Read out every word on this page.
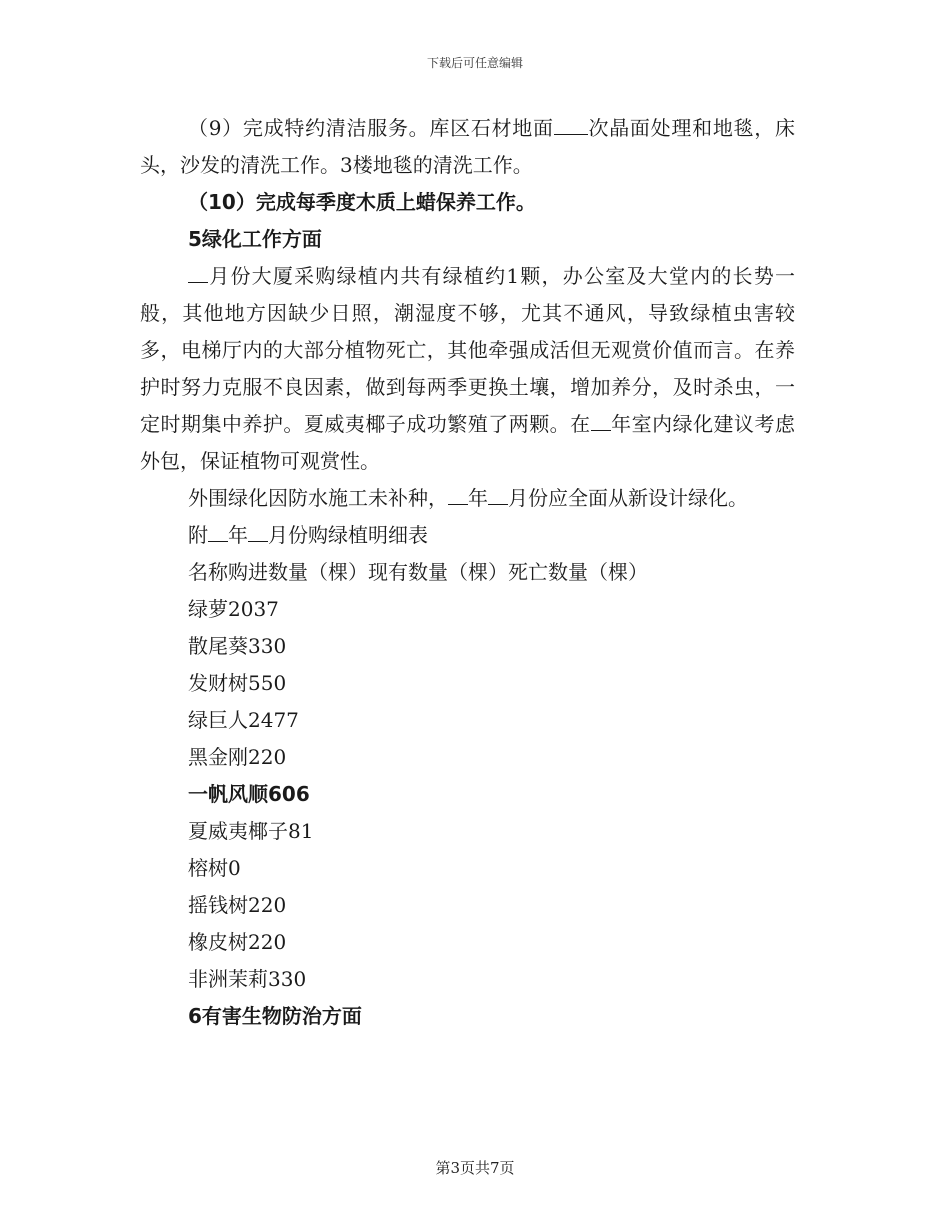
下载后可任意编辑

（9）完成特约清洁服务。库区石材地面 次晶面处理和地毯，床头，沙发的清洗工作。3楼地毯的清洗工作。

（10）完成每季度木质上蜡保养工作。

5绿化工作方面

月份大厦采购绿植内共有绿植约1颗，办公室及大堂内的长势一般，其他地方因缺少日照，潮湿度不够，尤其不通风，导致绿植虫害较多，电梯厅内的大部分植物死亡，其他牵强成活但无观赏价值而言。在养护时努力克服不良因素，做到每两季更换土壤，增加养分，及时杀虫，一定时期集中养护。夏威夷椰子成功繁殖了两颗。在 年室内绿化建议考虑外包，保证植物可观赏性。

外围绿化因防水施工未补种， 年 月份应全面从新设计绿化。

附 年 月份购绿植明细表

名称购进数量（棵）现有数量（棵）死亡数量（棵）

绿萝2037

散尾葵330

发财树550

绿巨人2477

黑金刚220

一帆风顺606

夏威夷椰子81

榕树0

摇钱树220

橡皮树220

非洲茉莉330

6有害生物防治方面

第3页共7页
